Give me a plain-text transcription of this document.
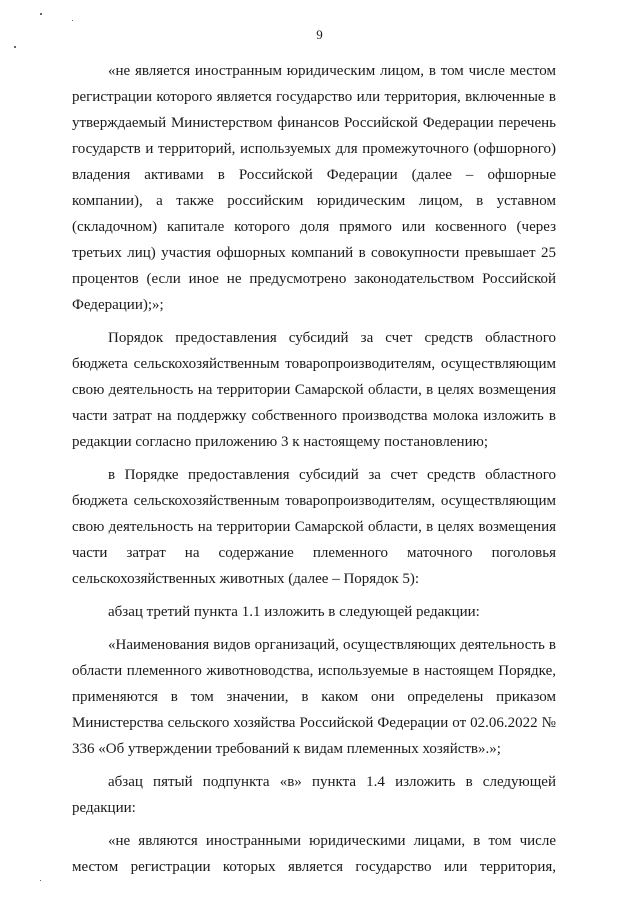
9

«не является иностранным юридическим лицом, в том числе местом регистрации которого является государство или территория, включенные в утверждаемый Министерством финансов Российской Федерации перечень государств и территорий, используемых для промежуточного (офшорного) владения активами в Российской Федерации (далее – офшорные компании), а также российским юридическим лицом, в уставном (складочном) капитале которого доля прямого или косвенного (через третьих лиц) участия офшорных компаний в совокупности превышает 25 процентов (если иное не предусмотрено законодательством Российской Федерации);»;

Порядок предоставления субсидий за счет средств областного бюджета сельскохозяйственным товаропроизводителям, осуществляющим свою деятельность на территории Самарской области, в целях возмещения части затрат на поддержку собственного производства молока изложить в редакции согласно приложению 3 к настоящему постановлению;

в Порядке предоставления субсидий за счет средств областного бюджета сельскохозяйственным товаропроизводителям, осуществляющим свою деятельность на территории Самарской области, в целях возмещения части затрат на содержание племенного маточного поголовья сельскохозяйственных животных (далее – Порядок 5):

абзац третий пункта 1.1 изложить в следующей редакции:

«Наименования видов организаций, осуществляющих деятельность в области племенного животноводства, используемые в настоящем Порядке, применяются в том значении, в каком они определены приказом Министерства сельского хозяйства Российской Федерации от 02.06.2022 № 336 «Об утверждении требований к видам племенных хозяйств».»;

абзац пятый подпункта «в» пункта 1.4 изложить в следующей редакции:

«не являются иностранными юридическими лицами, в том числе местом регистрации которых является государство или территория,
